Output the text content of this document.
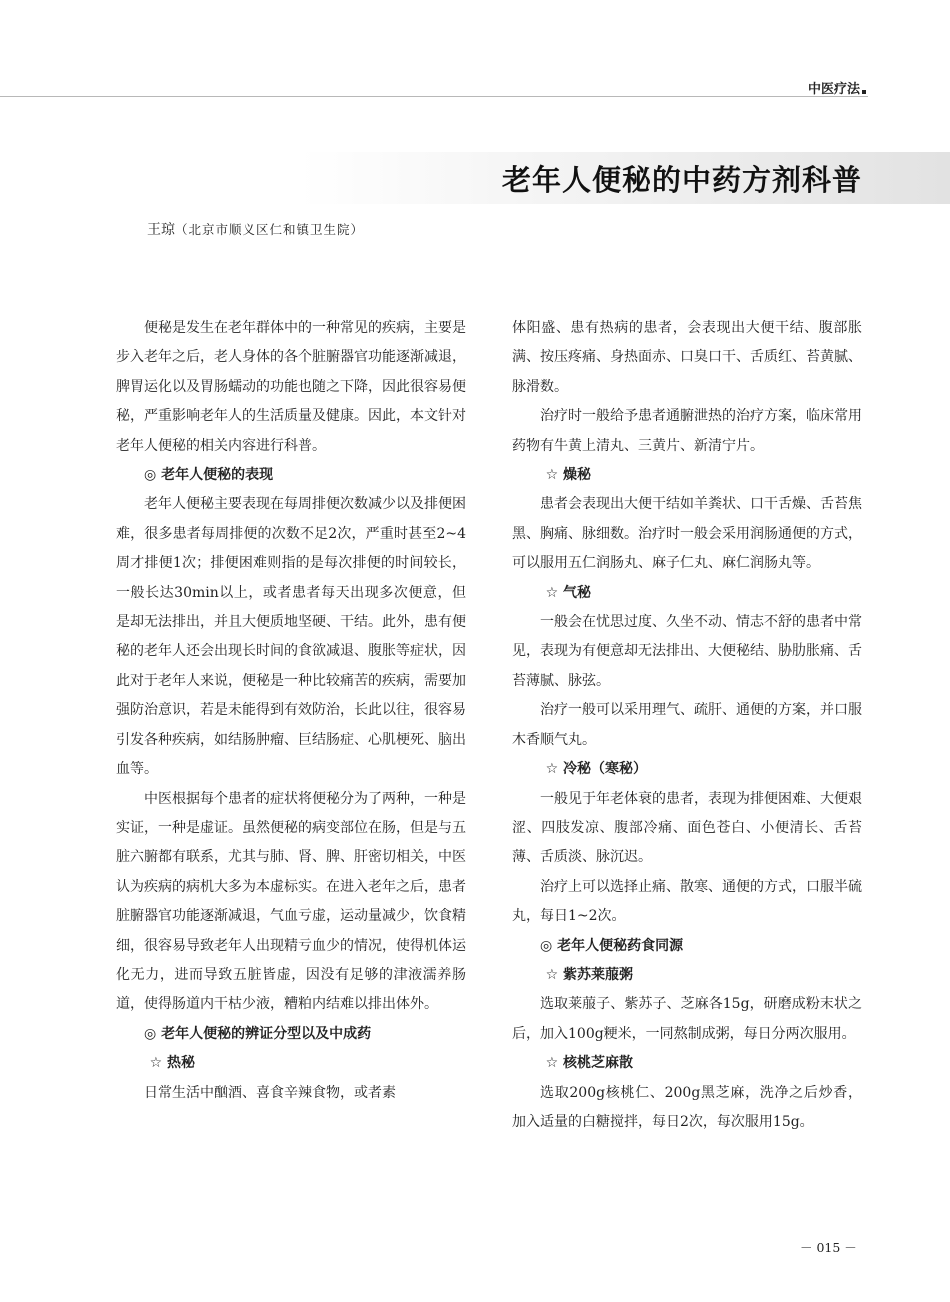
中医疗法
老年人便秘的中药方剂科普
王琼（北京市顺义区仁和镇卫生院）
便秘是发生在老年群体中的一种常见的疾病，主要是步入老年之后，老人身体的各个脏腑器官功能逐渐减退，脾胃运化以及胃肠蠕动的功能也随之下降，因此很容易便秘，严重影响老年人的生活质量及健康。因此，本文针对老年人便秘的相关内容进行科普。
◎ 老年人便秘的表现
老年人便秘主要表现在每周排便次数减少以及排便困难，很多患者每周排便的次数不足2次，严重时甚至2~4周才排便1次；排便困难则指的是每次排便的时间较长，一般长达30min以上，或者患者每天出现多次便意，但是却无法排出，并且大便质地坚硬、干结。此外，患有便秘的老年人还会出现长时间的食欲减退、腹胀等症状，因此对于老年人来说，便秘是一种比较痛苦的疾病，需要加强防治意识，若是未能得到有效防治，长此以往，很容易引发各种疾病，如结肠肿瘤、巨结肠症、心肌梗死、脑出血等。
中医根据每个患者的症状将便秘分为了两种，一种是实证，一种是虚证。虽然便秘的病变部位在肠，但是与五脏六腑都有联系，尤其与肺、肾、脾、肝密切相关，中医认为疾病的病机大多为本虚标实。在进入老年之后，患者脏腑器官功能逐渐减退，气血亏虚，运动量减少，饮食精细，很容易导致老年人出现精亏血少的情况，使得机体运化无力，进而导致五脏皆虚，因没有足够的津液濡养肠道，使得肠道内干枯少液，糟粕内结难以排出体外。
◎ 老年人便秘的辨证分型以及中成药
☆ 热秘
日常生活中酗酒、喜食辛辣食物，或者素
体阳盛、患有热病的患者，会表现出大便干结、腹部胀满、按压疼痛、身热面赤、口臭口干、舌质红、苔黄腻、脉滑数。
治疗时一般给予患者通腑泄热的治疗方案，临床常用药物有牛黄上清丸、三黄片、新清宁片。
☆ 燥秘
患者会表现出大便干结如羊粪状、口干舌燥、舌苔焦黑、胸痛、脉细数。治疗时一般会采用润肠通便的方式，可以服用五仁润肠丸、麻子仁丸、麻仁润肠丸等。
☆ 气秘
一般会在忧思过度、久坐不动、情志不舒的患者中常见，表现为有便意却无法排出、大便秘结、胁肋胀痛、舌苔薄腻、脉弦。
治疗一般可以采用理气、疏肝、通便的方案，并口服木香顺气丸。
☆ 冷秘（寒秘）
一般见于年老体衰的患者，表现为排便困难、大便艰涩、四肢发凉、腹部冷痛、面色苍白、小便清长、舌苔薄、舌质淡、脉沉迟。
治疗上可以选择止痛、散寒、通便的方式，口服半硫丸，每日1~2次。
◎ 老年人便秘药食同源
☆ 紫苏莱菔粥
选取莱菔子、紫苏子、芝麻各15g，研磨成粉末状之后，加入100g粳米，一同熬制成粥，每日分两次服用。
☆ 核桃芝麻散
选取200g核桃仁、200g黑芝麻，洗净之后炒香，加入适量的白糖搅拌，每日2次，每次服用15g。
－ 015 －
